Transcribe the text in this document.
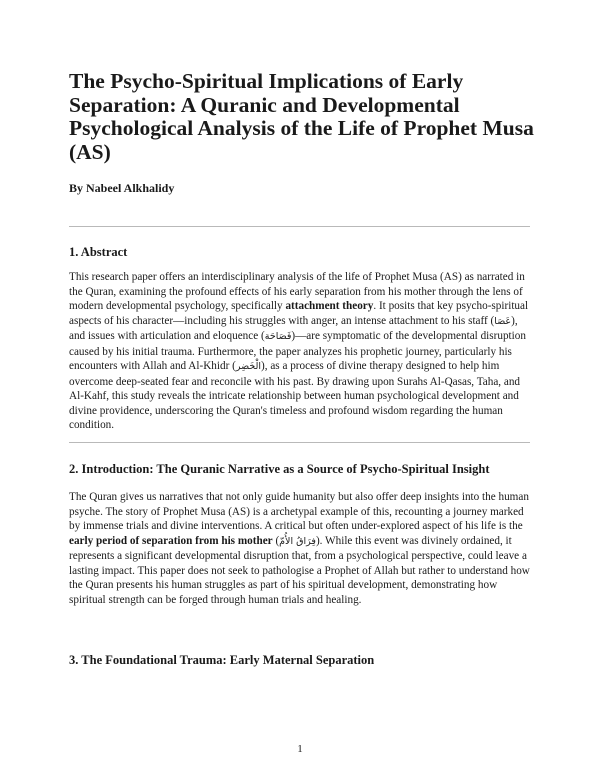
The Psycho-Spiritual Implications of Early Separation: A Quranic and Developmental Psychological Analysis of the Life of Prophet Musa (AS)
By Nabeel Alkhalidy
1. Abstract

This research paper offers an interdisciplinary analysis of the life of Prophet Musa (AS) as narrated in the Quran, examining the profound effects of his early separation from his mother through the lens of modern developmental psychology, specifically attachment theory. It posits that key psycho-spiritual aspects of his character—including his struggles with anger, an intense attachment to his staff (عَصَا), and issues with articulation and eloquence (فَصَاحَة)—are symptomatic of the developmental disruption caused by his initial trauma. Furthermore, the paper analyzes his prophetic journey, particularly his encounters with Allah and Al-Khidr (الْخَضِر), as a process of divine therapy designed to help him overcome deep-seated fear and reconcile with his past. By drawing upon Surahs Al-Qasas, Taha, and Al-Kahf, this study reveals the intricate relationship between human psychological development and divine providence, underscoring the Quran's timeless and profound wisdom regarding the human condition.

2. Introduction: The Quranic Narrative as a Source of Psycho-Spiritual Insight

The Quran gives us narratives that not only guide humanity but also offer deep insights into the human psyche. The story of Prophet Musa (AS) is a archetypal example of this, recounting a journey marked by immense trials and divine interventions. A critical but often under-explored aspect of his life is the early period of separation from his mother (فِرَاقُ الأُمّ). While this event was divinely ordained, it represents a significant developmental disruption that, from a psychological perspective, could leave a lasting impact. This paper does not seek to pathologise a Prophet of Allah but rather to understand how the Quran presents his human struggles as part of his spiritual development, demonstrating how spiritual strength can be forged through human trials and healing.

3. The Foundational Trauma: Early Maternal Separation
1
